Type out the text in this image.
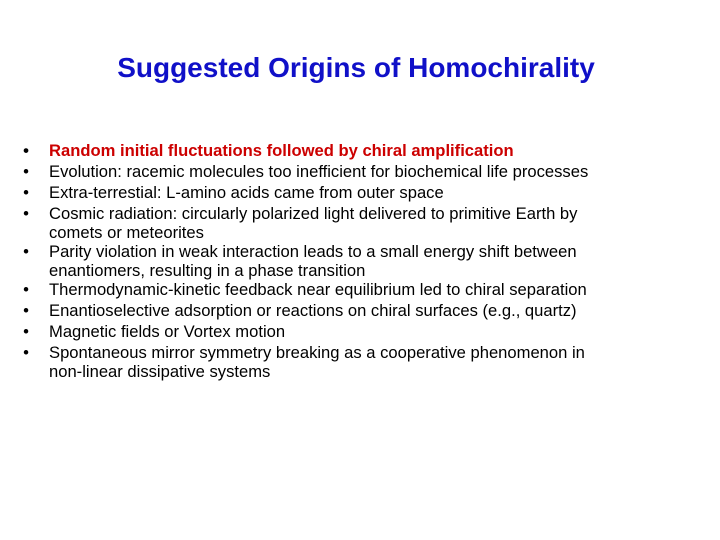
Suggested Origins of Homochirality
• Random initial fluctuations followed by chiral amplification
• Evolution: racemic molecules too inefficient for biochemical life processes
• Extra-terrestial: L-amino acids came from outer space
• Cosmic radiation: circularly polarized light delivered to primitive Earth by
comets or meteorites
• Parity violation in weak interaction leads to a small energy shift between
enantiomers, resulting in a phase transition
• Thermodynamic-kinetic feedback near equilibrium led to chiral separation
• Enantioselective adsorption or reactions on chiral surfaces (e.g., quartz)
• Magnetic fields or Vortex motion
• Spontaneous mirror symmetry breaking as a cooperative phenomenon in
non-linear dissipative systems
